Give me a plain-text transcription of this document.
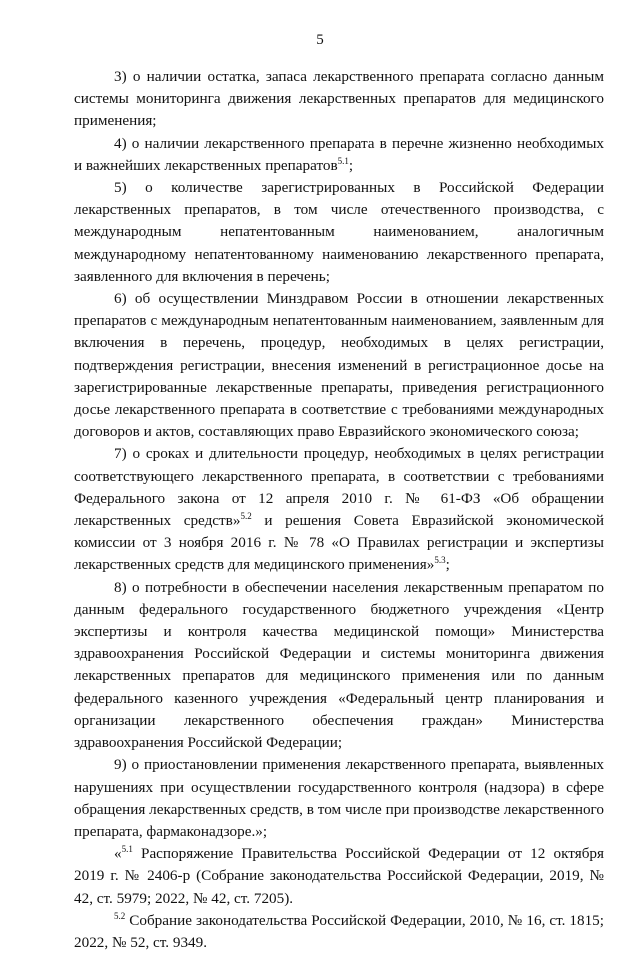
5

3) о наличии остатка, запаса лекарственного препарата согласно данным системы мониторинга движения лекарственных препаратов для медицинского применения;

4) о наличии лекарственного препарата в перечне жизненно необходимых и важнейших лекарственных препаратов$^{5.1}$;

5) о количестве зарегистрированных в Российской Федерации лекарственных препаратов, в том числе отечественного производства, с международным непатентованным наименованием, аналогичным международному непатентованному наименованию лекарственного препарата, заявленного для включения в перечень;

6) об осуществлении Минздравом России в отношении лекарственных препаратов с международным непатентованным наименованием, заявленным для включения в перечень, процедур, необходимых в целях регистрации, подтверждения регистрации, внесения изменений в регистрационное досье на зарегистрированные лекарственные препараты, приведения регистрационного досье лекарственного препарата в соответствие с требованиями международных договоров и актов, составляющих право Евразийского экономического союза;

7) о сроках и длительности процедур, необходимых в целях регистрации соответствующего лекарственного препарата, в соответствии с требованиями Федерального закона от 12 апреля 2010 г. № 61-ФЗ «Об обращении лекарственных средств»$^{5.2}$ и решения Совета Евразийской экономической комиссии от 3 ноября 2016 г. № 78 «О Правилах регистрации и экспертизы лекарственных средств для медицинского применения»$^{5.3}$;

8) о потребности в обеспечении населения лекарственным препаратом по данным федерального государственного бюджетного учреждения «Центр экспертизы и контроля качества медицинской помощи» Министерства здравоохранения Российской Федерации и системы мониторинга движения лекарственных препаратов для медицинского применения или по данным федерального казенного учреждения «Федеральный центр планирования и организации лекарственного обеспечения граждан» Министерства здравоохранения Российской Федерации;

9) о приостановлении применения лекарственного препарата, выявленных нарушениях при осуществлении государственного контроля (надзора) в сфере обращения лекарственных средств, в том числе при производстве лекарственного препарата, фармаконадзоре.»;

«$^{5.1}$ Распоряжение Правительства Российской Федерации от 12 октября 2019 г. № 2406-р (Собрание законодательства Российской Федерации, 2019, № 42, ст. 5979; 2022, № 42, ст. 7205).

$^{5.2}$ Собрание законодательства Российской Федерации, 2010, № 16, ст. 1815; 2022, № 52, ст. 9349.
